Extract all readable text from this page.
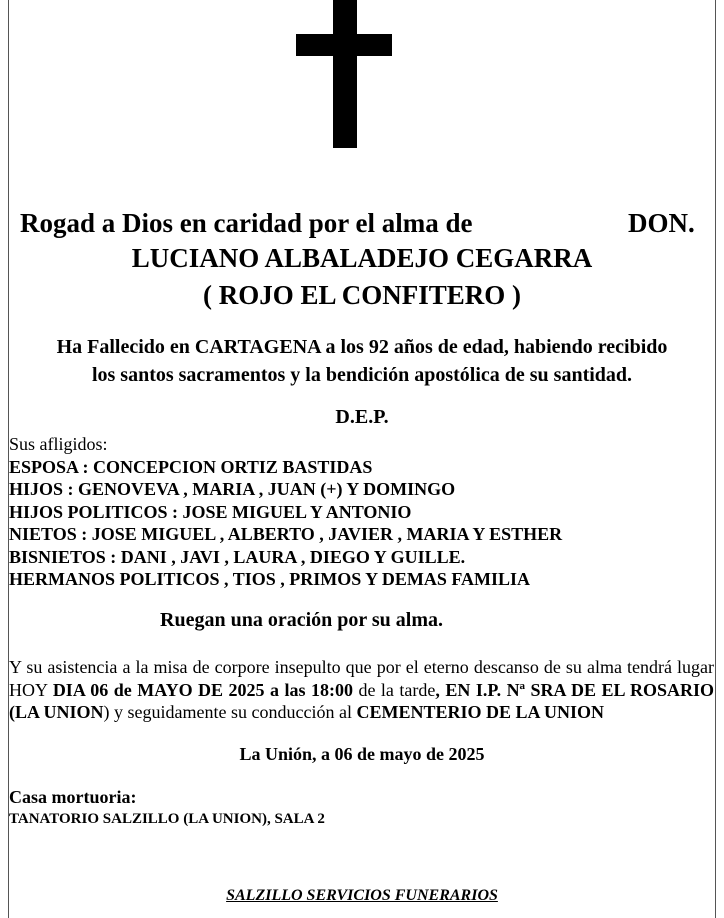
Rogad a Dios en caridad por el alma de	DON.
LUCIANO ALBALADEJO CEGARRA
( ROJO EL CONFITERO )
Ha Fallecido en CARTAGENA a los 92 años de edad, habiendo recibido
los santos sacramentos y la bendición apostólica de su santidad.
D.E.P.
Sus afligidos:
ESPOSA : CONCEPCION ORTIZ BASTIDAS
HIJOS : GENOVEVA , MARIA , JUAN (+) Y DOMINGO
HIJOS POLITICOS : JOSE MIGUEL Y ANTONIO
NIETOS : JOSE MIGUEL , ALBERTO , JAVIER , MARIA Y ESTHER
BISNIETOS : DANI , JAVI , LAURA , DIEGO Y GUILLE.
HERMANOS POLITICOS , TIOS , PRIMOS Y DEMAS FAMILIA
Ruegan una oración por su alma.
Y su asistencia a la misa de corpore insepulto que por el eterno descanso de su alma tendrá lugar HOY DIA 06 de MAYO DE 2025 a las 18:00 de la tarde, EN I.P. Nª SRA DE EL ROSARIO (LA UNION) y seguidamente su conducción al CEMENTERIO DE LA UNION
La Unión, a 06 de mayo de 2025
Casa mortuoria:
TANATORIO SALZILLO (LA UNION), SALA 2
SALZILLO SERVICIOS FUNERARIOS
